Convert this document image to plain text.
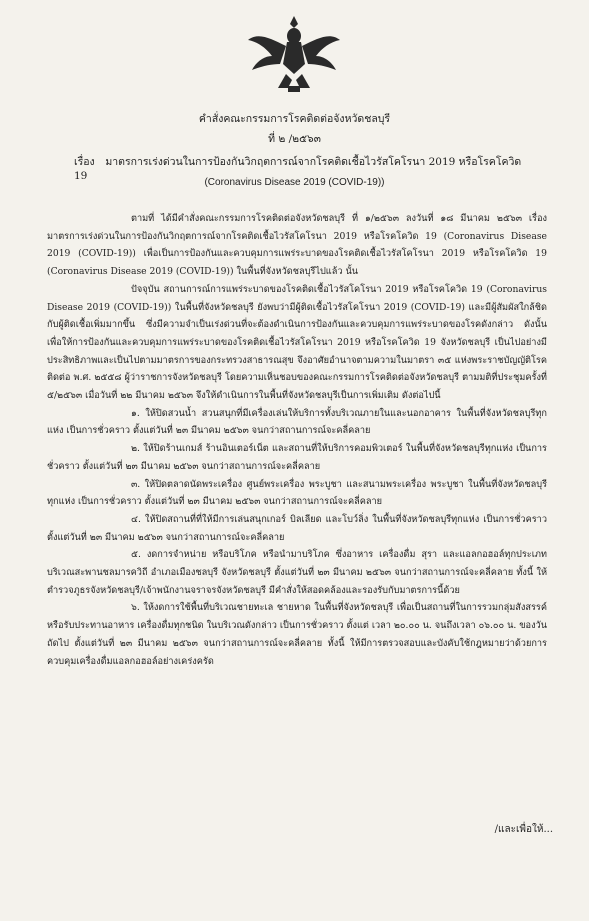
คำสั่งคณะกรรมการโรคติดต่อจังหวัดชลบุรี
ที่ ๒ /๒๕๖๓
เรื่อง มาตรการเร่งด่วนในการป้องกันวิกฤตการณ์จากโรคติดเชื้อไวรัสโคโรนา 2019 หรือโรคโควิด 19
(Coronavirus Disease 2019 (COVID-19))

ตามที่ ได้มีคำสั่งคณะกรรมการโรคติดต่อจังหวัดชลบุรี ที่ ๑/๒๕๖๓ ลงวันที่ ๑๘ มีนาคม ๒๕๖๓ เรื่อง มาตรการเร่งด่วนในการป้องกันวิกฤตการณ์จากโรคติดเชื้อไวรัสโคโรนา 2019 หรือโรคโควิด 19 (Coronavirus Disease 2019 (COVID-19)) เพื่อเป็นการป้องกันและควบคุมการแพร่ระบาดของโรคติดเชื้อไวรัสโคโรนา 2019 หรือโรคโควิด 19 (Coronavirus Disease 2019 (COVID-19)) ในพื้นที่จังหวัดชลบุรีไปแล้ว นั้น

ปัจจุบัน สถานการณ์การแพร่ระบาดของโรคติดเชื้อไวรัสโคโรนา 2019 หรือโรคโควิด 19 (Coronavirus Disease 2019 (COVID-19)) ในพื้นที่จังหวัดชลบุรี ยังพบว่ามีผู้ติดเชื้อไวรัสโคโรนา 2019 (COVID-19) และมีผู้สัมผัสใกล้ชิดกับผู้ติดเชื้อเพิ่มมากขึ้น ซึ่งมีความจำเป็นเร่งด่วนที่จะต้องดำเนินการป้องกันและควบคุมการแพร่ระบาดของโรคดังกล่าว ดังนั้น เพื่อให้การป้องกันและควบคุมการแพร่ระบาดของโรคติดเชื้อไวรัสโคโรนา 2019 หรือโรคโควิด 19 จังหวัดชลบุรี เป็นไปอย่างมีประสิทธิภาพและเป็นไปตามมาตรการของกระทรวงสาธารณสุข จึงอาศัยอำนาจตามความในมาตรา ๓๕ แห่งพระราชบัญญัติโรคติดต่อ พ.ศ. ๒๕๕๘ ผู้ว่าราชการจังหวัดชลบุรี โดยความเห็นชอบของคณะกรรมการโรคติดต่อจังหวัดชลบุรี ตามมติที่ประชุมครั้งที่ ๕/๒๕๖๓ เมื่อวันที่ ๒๒ มีนาคม ๒๕๖๓ จึงให้ดำเนินการในพื้นที่จังหวัดชลบุรีเป็นการเพิ่มเติม ดังต่อไปนี้

๑. ให้ปิดสวนน้ำ สวนสนุกที่มีเครื่องเล่นให้บริการทั้งบริเวณภายในและนอกอาคาร ในพื้นที่จังหวัดชลบุรีทุกแห่ง เป็นการชั่วคราว ตั้งแต่วันที่ ๒๓ มีนาคม ๒๕๖๓ จนกว่าสถานการณ์จะคลี่คลาย

๒. ให้ปิดร้านเกมส์ ร้านอินเตอร์เน็ต และสถานที่ให้บริการคอมพิวเตอร์ ในพื้นที่จังหวัดชลบุรีทุกแห่ง เป็นการชั่วคราว ตั้งแต่วันที่ ๒๓ มีนาคม ๒๕๖๓ จนกว่าสถานการณ์จะคลี่คลาย

๓. ให้ปิดตลาดนัดพระเครื่อง ศูนย์พระเครื่อง พระบูชา และสนามพระเครื่อง พระบูชา ในพื้นที่จังหวัดชลบุรีทุกแห่ง เป็นการชั่วคราว ตั้งแต่วันที่ ๒๓ มีนาคม ๒๕๖๓ จนกว่าสถานการณ์จะคลี่คลาย

๔. ให้ปิดสถานที่ที่ให้มีการเล่นสนุกเกอร์ บิลเลียด และโบว์ลิ่ง ในพื้นที่จังหวัดชลบุรีทุกแห่ง เป็นการชั่วคราว ตั้งแต่วันที่ ๒๓ มีนาคม ๒๕๖๓ จนกว่าสถานการณ์จะคลี่คลาย

๕. งดการจำหน่าย หรือบริโภค หรือนำมาบริโภค ซึ่งอาหาร เครื่องดื่ม สุรา และแอลกอฮอล์ทุกประเภท บริเวณสะพานชลมารควิถี อำเภอเมืองชลบุรี จังหวัดชลบุรี ตั้งแต่วันที่ ๒๓ มีนาคม ๒๕๖๓ จนกว่าสถานการณ์จะคลี่คลาย ทั้งนี้ ให้ตำรวจภูธรจังหวัดชลบุรี/เจ้าพนักงานจราจรจังหวัดชลบุรี มีคำสั่งให้สอดคล้องและรองรับกับมาตรการนี้ด้วย

๖. ให้งดการใช้พื้นที่บริเวณชายทะเล ชายหาด ในพื้นที่จังหวัดชลบุรี เพื่อเป็นสถานที่ในการรวมกลุ่มสังสรรค์ หรือรับประทานอาหาร เครื่องดื่มทุกชนิด ในบริเวณดังกล่าว เป็นการชั่วคราว ตั้งแต่ เวลา ๒๐.๐๐ น. จนถึงเวลา ๐๖.๐๐ น. ของวันถัดไป ตั้งแต่วันที่ ๒๓ มีนาคม ๒๕๖๓ จนกว่าสถานการณ์จะคลี่คลาย ทั้งนี้ ให้มีการตรวจสอบและบังคับใช้กฎหมายว่าด้วยการควบคุมเครื่องดื่มแอลกอฮอล์อย่างเคร่งครัด

/และเพื่อให้...
